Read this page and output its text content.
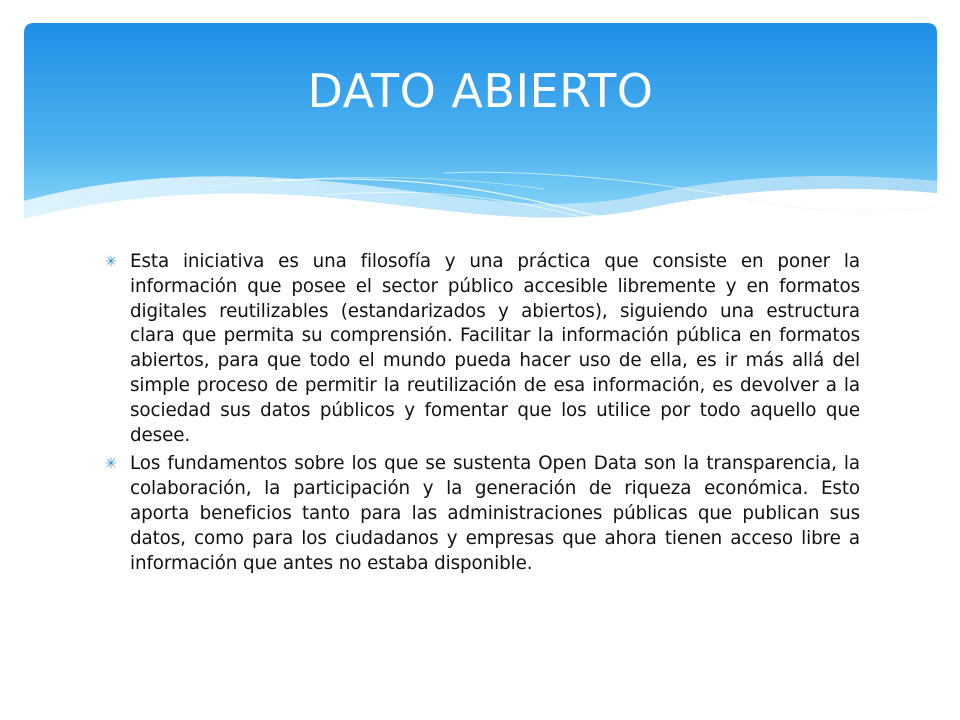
DATO ABIERTO
✳ Esta iniciativa es una filosofía y una práctica que consiste en poner la información que posee el sector público accesible libremente y en formatos digitales reutilizables (estandarizados y abiertos), siguiendo una estructura clara que permita su comprensión. Facilitar la información pública en formatos abiertos, para que todo el mundo pueda hacer uso de ella, es ir más allá del simple proceso de permitir la reutilización de esa información, es devolver a la sociedad sus datos públicos y fomentar que los utilice por todo aquello que desee.
✳ Los fundamentos sobre los que se sustenta Open Data son la transparencia, la colaboración, la participación y la generación de riqueza económica. Esto aporta beneficios tanto para las administraciones públicas que publican sus datos, como para los ciudadanos y empresas que ahora tienen acceso libre a información que antes no estaba disponible.
